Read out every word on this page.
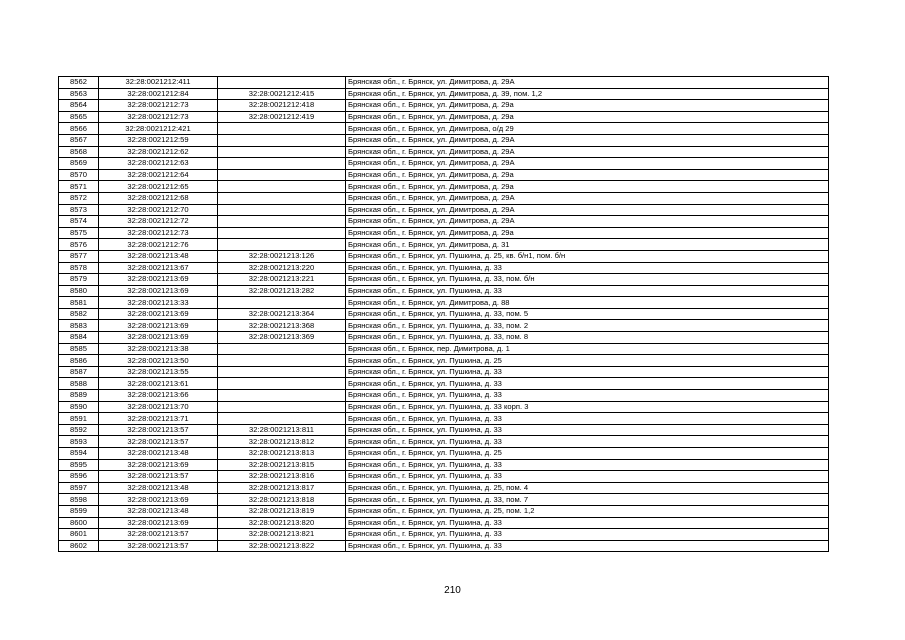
8562	32:28:0021212:411		Брянская обл., г. Брянск, ул. Димитрова, д. 29А
8563	32:28:0021212:84	32:28:0021212:415	Брянская обл., г. Брянск, ул. Димитрова, д. 39, пом. 1,2
8564	32:28:0021212:73	32:28:0021212:418	Брянская обл., г. Брянск, ул. Димитрова, д. 29а
8565	32:28:0021212:73	32:28:0021212:419	Брянская обл., г. Брянск, ул. Димитрова, д. 29а
8566	32:28:0021212:421		Брянская обл., г. Брянск, ул. Димитрова, о/д 29
8567	32:28:0021212:59		Брянская обл., г. Брянск, ул. Димитрова, д. 29А
8568	32:28:0021212:62		Брянская обл., г. Брянск, ул. Димитрова, д. 29А
8569	32:28:0021212:63		Брянская обл., г. Брянск, ул. Димитрова, д. 29А
8570	32:28:0021212:64		Брянская обл., г. Брянск, ул. Димитрова, д. 29а
8571	32:28:0021212:65		Брянская обл., г. Брянск, ул. Димитрова, д. 29а
8572	32:28:0021212:68		Брянская обл., г. Брянск, ул. Димитрова, д. 29А
8573	32:28:0021212:70		Брянская обл., г. Брянск, ул. Димитрова, д. 29А
8574	32:28:0021212:72		Брянская обл., г. Брянск, ул. Димитрова, д. 29А
8575	32:28:0021212:73		Брянская обл., г. Брянск, ул. Димитрова, д. 29а
8576	32:28:0021212:76		Брянская обл., г. Брянск, ул. Димитрова, д. 31
8577	32:28:0021213:48	32:28:0021213:126	Брянская обл., г. Брянск, ул. Пушкина, д. 25, кв. б/н1, пом. б/н
8578	32:28:0021213:67	32:28:0021213:220	Брянская обл., г. Брянск, ул. Пушкина, д. 33
8579	32:28:0021213:69	32:28:0021213:221	Брянская обл., г. Брянск, ул. Пушкина, д. 33, пом. б/н
8580	32:28:0021213:69	32:28:0021213:282	Брянская обл., г. Брянск, ул. Пушкина, д. 33
8581	32:28:0021213:33		Брянская обл., г. Брянск, ул. Димитрова, д. 88
8582	32:28:0021213:69	32:28:0021213:364	Брянская обл., г. Брянск, ул. Пушкина, д. 33, пом. 5
8583	32:28:0021213:69	32:28:0021213:368	Брянская обл., г. Брянск, ул. Пушкина, д. 33, пом. 2
8584	32:28:0021213:69	32:28:0021213:369	Брянская обл., г. Брянск, ул. Пушкина, д. 33, пом. 8
8585	32:28:0021213:38		Брянская обл., г. Брянск, пер. Димитрова, д. 1
8586	32:28:0021213:50		Брянская обл., г. Брянск, ул. Пушкина, д. 25
8587	32:28:0021213:55		Брянская обл., г. Брянск, ул. Пушкина, д. 33
8588	32:28:0021213:61		Брянская обл., г. Брянск, ул. Пушкина, д. 33
8589	32:28:0021213:66		Брянская обл., г. Брянск, ул. Пушкина, д. 33
8590	32:28:0021213:70		Брянская обл., г. Брянск, ул. Пушкина, д. 33 корп. 3
8591	32:28:0021213:71		Брянская обл., г. Брянск, ул. Пушкина, д. 33
8592	32:28:0021213:57	32:28:0021213:811	Брянская обл., г. Брянск, ул. Пушкина, д. 33
8593	32:28:0021213:57	32:28:0021213:812	Брянская обл., г. Брянск, ул. Пушкина, д. 33
8594	32:28:0021213:48	32:28:0021213:813	Брянская обл., г. Брянск, ул. Пушкина, д. 25
8595	32:28:0021213:69	32:28:0021213:815	Брянская обл., г. Брянск, ул. Пушкина, д. 33
8596	32:28:0021213:57	32:28:0021213:816	Брянская обл., г. Брянск, ул. Пушкина, д. 33
8597	32:28:0021213:48	32:28:0021213:817	Брянская обл., г. Брянск, ул. Пушкина, д. 25, пом. 4
8598	32:28:0021213:69	32:28:0021213:818	Брянская обл., г. Брянск, ул. Пушкина, д. 33, пом. 7
8599	32:28:0021213:48	32:28:0021213:819	Брянская обл., г. Брянск, ул. Пушкина, д. 25, пом. 1,2
8600	32:28:0021213:69	32:28:0021213:820	Брянская обл., г. Брянск, ул. Пушкина, д. 33
8601	32:28:0021213:57	32:28:0021213:821	Брянская обл., г. Брянск, ул. Пушкина, д. 33
8602	32:28:0021213:57	32:28:0021213:822	Брянская обл., г. Брянск, ул. Пушкина, д. 33
210
